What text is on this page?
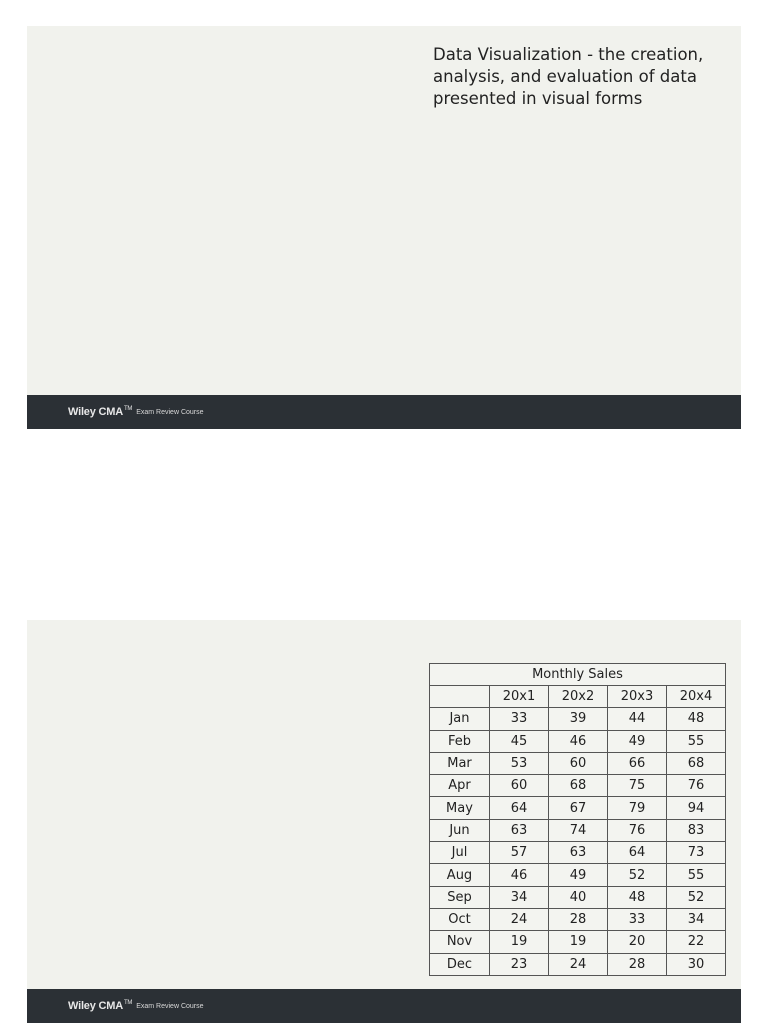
Data Visualization - the creation, analysis, and evaluation of data presented in visual forms
Wiley CMA™ Exam Review Course
Monthly Sales				
	20x1	20x2	20x3	20x4
Jan	33	39	44	48
Feb	45	46	49	55
Mar	53	60	66	68
Apr	60	68	75	76
May	64	67	79	94
Jun	63	74	76	83
Jul	57	63	64	73
Aug	46	49	52	55
Sep	34	40	48	52
Oct	24	28	33	34
Nov	19	19	20	22
Dec	23	24	28	30
Wiley CMA™ Exam Review Course
